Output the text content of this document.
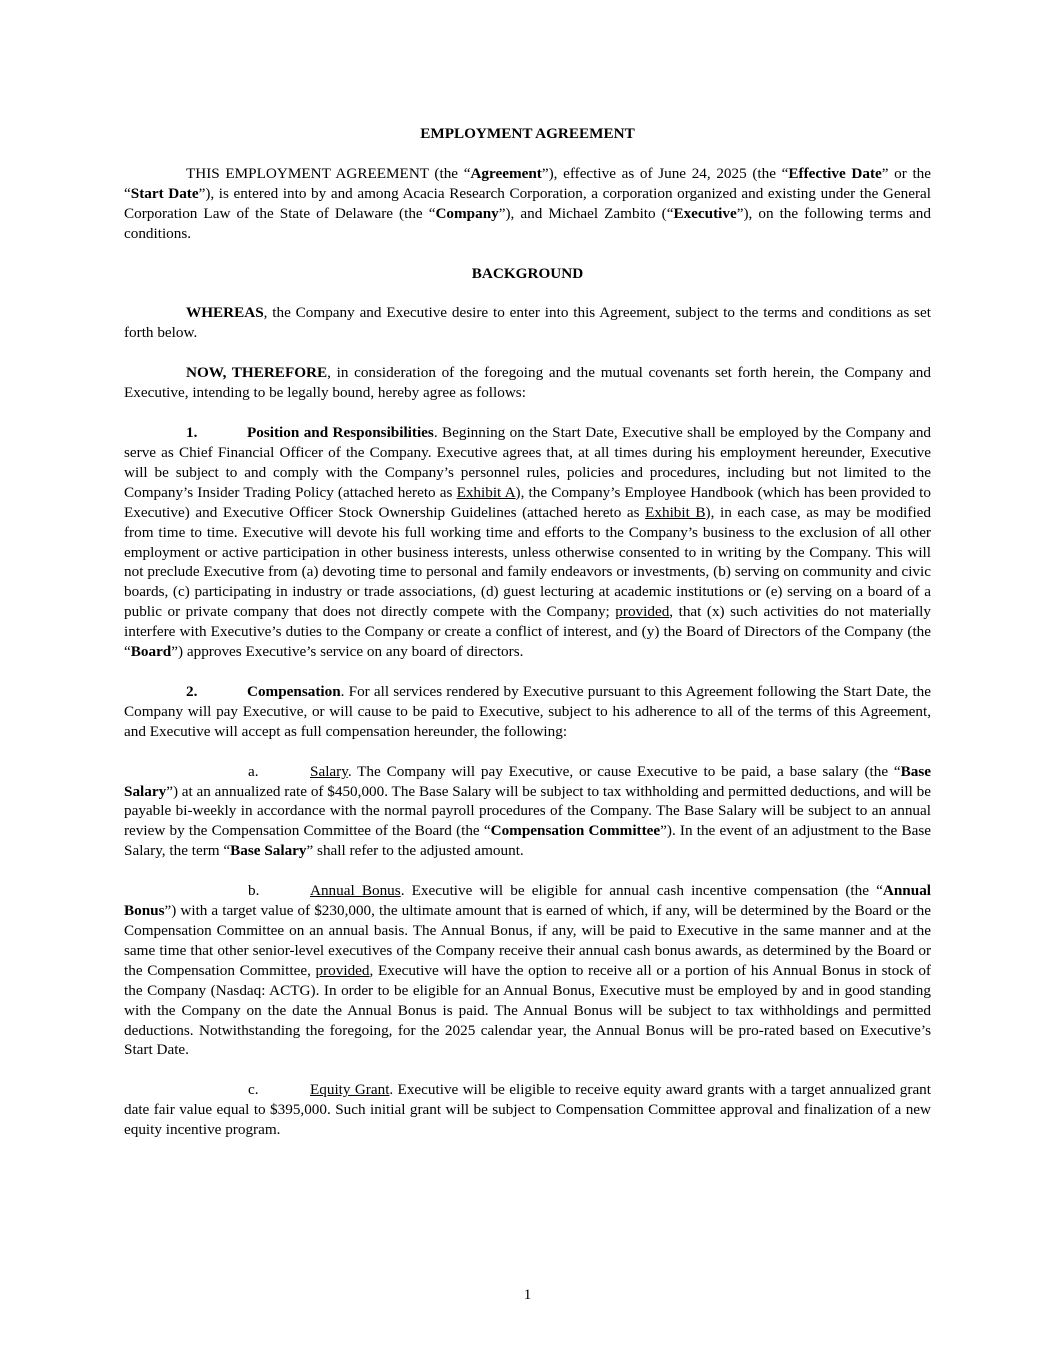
EMPLOYMENT AGREEMENT

THIS EMPLOYMENT AGREEMENT (the “Agreement”), effective as of June 24, 2025 (the “Effective Date” or the “Start Date”), is entered into by and among Acacia Research Corporation, a corporation organized and existing under the General Corporation Law of the State of Delaware (the “Company”), and Michael Zambito (“Executive”), on the following terms and conditions.

BACKGROUND

WHEREAS, the Company and Executive desire to enter into this Agreement, subject to the terms and conditions as set forth below.

NOW, THEREFORE, in consideration of the foregoing and the mutual covenants set forth herein, the Company and Executive, intending to be legally bound, hereby agree as follows:

1.	Position and Responsibilities. Beginning on the Start Date, Executive shall be employed by the Company and serve as Chief Financial Officer of the Company. Executive agrees that, at all times during his employment hereunder, Executive will be subject to and comply with the Company’s personnel rules, policies and procedures, including but not limited to the Company’s Insider Trading Policy (attached hereto as Exhibit A), the Company’s Employee Handbook (which has been provided to Executive) and Executive Officer Stock Ownership Guidelines (attached hereto as Exhibit B), in each case, as may be modified from time to time. Executive will devote his full working time and efforts to the Company’s business to the exclusion of all other employment or active participation in other business interests, unless otherwise consented to in writing by the Company. This will not preclude Executive from (a) devoting time to personal and family endeavors or investments, (b) serving on community and civic boards, (c) participating in industry or trade associations, (d) guest lecturing at academic institutions or (e) serving on a board of a public or private company that does not directly compete with the Company; provided, that (x) such activities do not materially interfere with Executive’s duties to the Company or create a conflict of interest, and (y) the Board of Directors of the Company (the “Board”) approves Executive’s service on any board of directors.

2.	Compensation. For all services rendered by Executive pursuant to this Agreement following the Start Date, the Company will pay Executive, or will cause to be paid to Executive, subject to his adherence to all of the terms of this Agreement, and Executive will accept as full compensation hereunder, the following:

a.	Salary. The Company will pay Executive, or cause Executive to be paid, a base salary (the “Base Salary”) at an annualized rate of $450,000. The Base Salary will be subject to tax withholding and permitted deductions, and will be payable bi-weekly in accordance with the normal payroll procedures of the Company. The Base Salary will be subject to an annual review by the Compensation Committee of the Board (the “Compensation Committee”). In the event of an adjustment to the Base Salary, the term “Base Salary” shall refer to the adjusted amount.

b.	Annual Bonus. Executive will be eligible for annual cash incentive compensation (the “Annual Bonus”) with a target value of $230,000, the ultimate amount that is earned of which, if any, will be determined by the Board or the Compensation Committee on an annual basis. The Annual Bonus, if any, will be paid to Executive in the same manner and at the same time that other senior-level executives of the Company receive their annual cash bonus awards, as determined by the Board or the Compensation Committee, provided, Executive will have the option to receive all or a portion of his Annual Bonus in stock of the Company (Nasdaq: ACTG). In order to be eligible for an Annual Bonus, Executive must be employed by and in good standing with the Company on the date the Annual Bonus is paid. The Annual Bonus will be subject to tax withholdings and permitted deductions. Notwithstanding the foregoing, for the 2025 calendar year, the Annual Bonus will be pro-rated based on Executive’s Start Date.

c.	Equity Grant. Executive will be eligible to receive equity award grants with a target annualized grant date fair value equal to $395,000. Such initial grant will be subject to Compensation Committee approval and finalization of a new equity incentive program.

1
